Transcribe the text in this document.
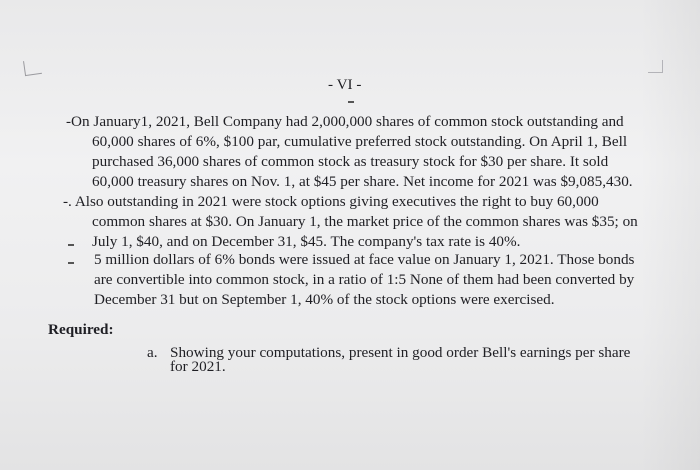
- VI -
-On January1, 2021, Bell Company had 2,000,000 shares of common stock outstanding and
60,000 shares of 6%, $100 par, cumulative preferred stock outstanding. On April 1, Bell
purchased 36,000 shares of common stock as treasury stock for $30 per share. It sold
60,000 treasury shares on Nov. 1, at $45 per share. Net income for 2021 was $9,085,430.
-. Also outstanding in 2021 were stock options giving executives the right to buy 60,000
common shares at $30. On January 1, the market price of the common shares was $35; on
July 1, $40, and on December 31, $45. The company's tax rate is 40%.
5 million dollars of 6% bonds were issued at face value on January 1, 2021. Those bonds
are convertible into common stock, in a ratio of 1:5 None of them had been converted by
December 31 but on September 1, 40% of the stock options were exercised.
Required:
a. Showing your computations, present in good order Bell's earnings per share
for 2021.
